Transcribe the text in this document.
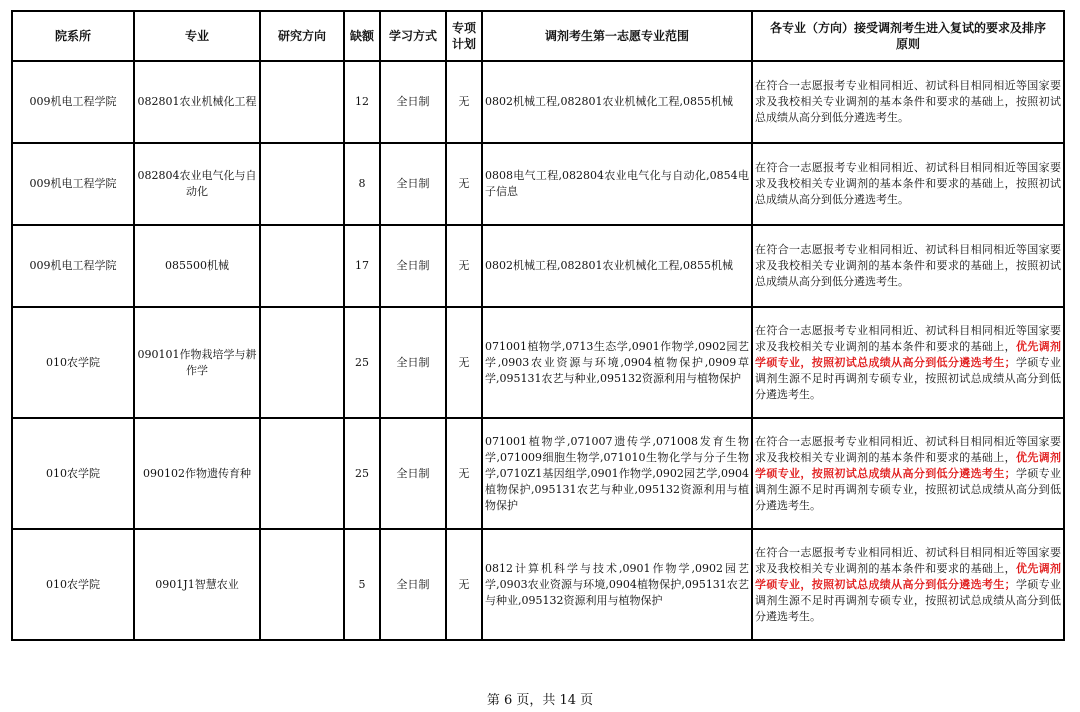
院系所	专业	研究方向	缺额	学习方式	专项计划	调剂考生第一志愿专业范围	各专业（方向）接受调剂考生进入复试的要求及排序原则
009机电工程学院	082801农业机械化工程		12	全日制	无	0802机械工程,082801农业机械化工程,0855机械	在符合一志愿报考专业相同相近、初试科目相同相近等国家要求及我校相关专业调剂的基本条件和要求的基础上，按照初试总成绩从高分到低分遴选考生。
009机电工程学院	082804农业电气化与自动化		8	全日制	无	0808电气工程,082804农业电气化与自动化,0854电子信息	在符合一志愿报考专业相同相近、初试科目相同相近等国家要求及我校相关专业调剂的基本条件和要求的基础上，按照初试总成绩从高分到低分遴选考生。
009机电工程学院	085500机械		17	全日制	无	0802机械工程,082801农业机械化工程,0855机械	在符合一志愿报考专业相同相近、初试科目相同相近等国家要求及我校相关专业调剂的基本条件和要求的基础上，按照初试总成绩从高分到低分遴选考生。
010农学院	090101作物栽培学与耕作学		25	全日制	无	071001植物学,0713生态学,0901作物学,0902园艺学,0903农业资源与环境,0904植物保护,0909草学,095131农艺与种业,095132资源利用与植物保护	在符合一志愿报考专业相同相近、初试科目相同相近等国家要求及我校相关专业调剂的基本条件和要求的基础上，优先调剂学硕专业，按照初试总成绩从高分到低分遴选考生；学硕专业调剂生源不足时再调剂专硕专业，按照初试总成绩从高分到低分遴选考生。
010农学院	090102作物遗传育种		25	全日制	无	071001植物学,071007遗传学,071008发育生物学,071009细胞生物学,071010生物化学与分子生物学,0710Z1基因组学,0901作物学,0902园艺学,0904植物保护,095131农艺与种业,095132资源利用与植物保护	在符合一志愿报考专业相同相近、初试科目相同相近等国家要求及我校相关专业调剂的基本条件和要求的基础上，优先调剂学硕专业，按照初试总成绩从高分到低分遴选考生；学硕专业调剂生源不足时再调剂专硕专业，按照初试总成绩从高分到低分遴选考生。
010农学院	0901J1智慧农业		5	全日制	无	0812计算机科学与技术,0901作物学,0902园艺学,0903农业资源与环境,0904植物保护,095131农艺与种业,095132资源利用与植物保护	在符合一志愿报考专业相同相近、初试科目相同相近等国家要求及我校相关专业调剂的基本条件和要求的基础上，优先调剂学硕专业，按照初试总成绩从高分到低分遴选考生；学硕专业调剂生源不足时再调剂专硕专业，按照初试总成绩从高分到低分遴选考生。
第 6 页，共 14 页
